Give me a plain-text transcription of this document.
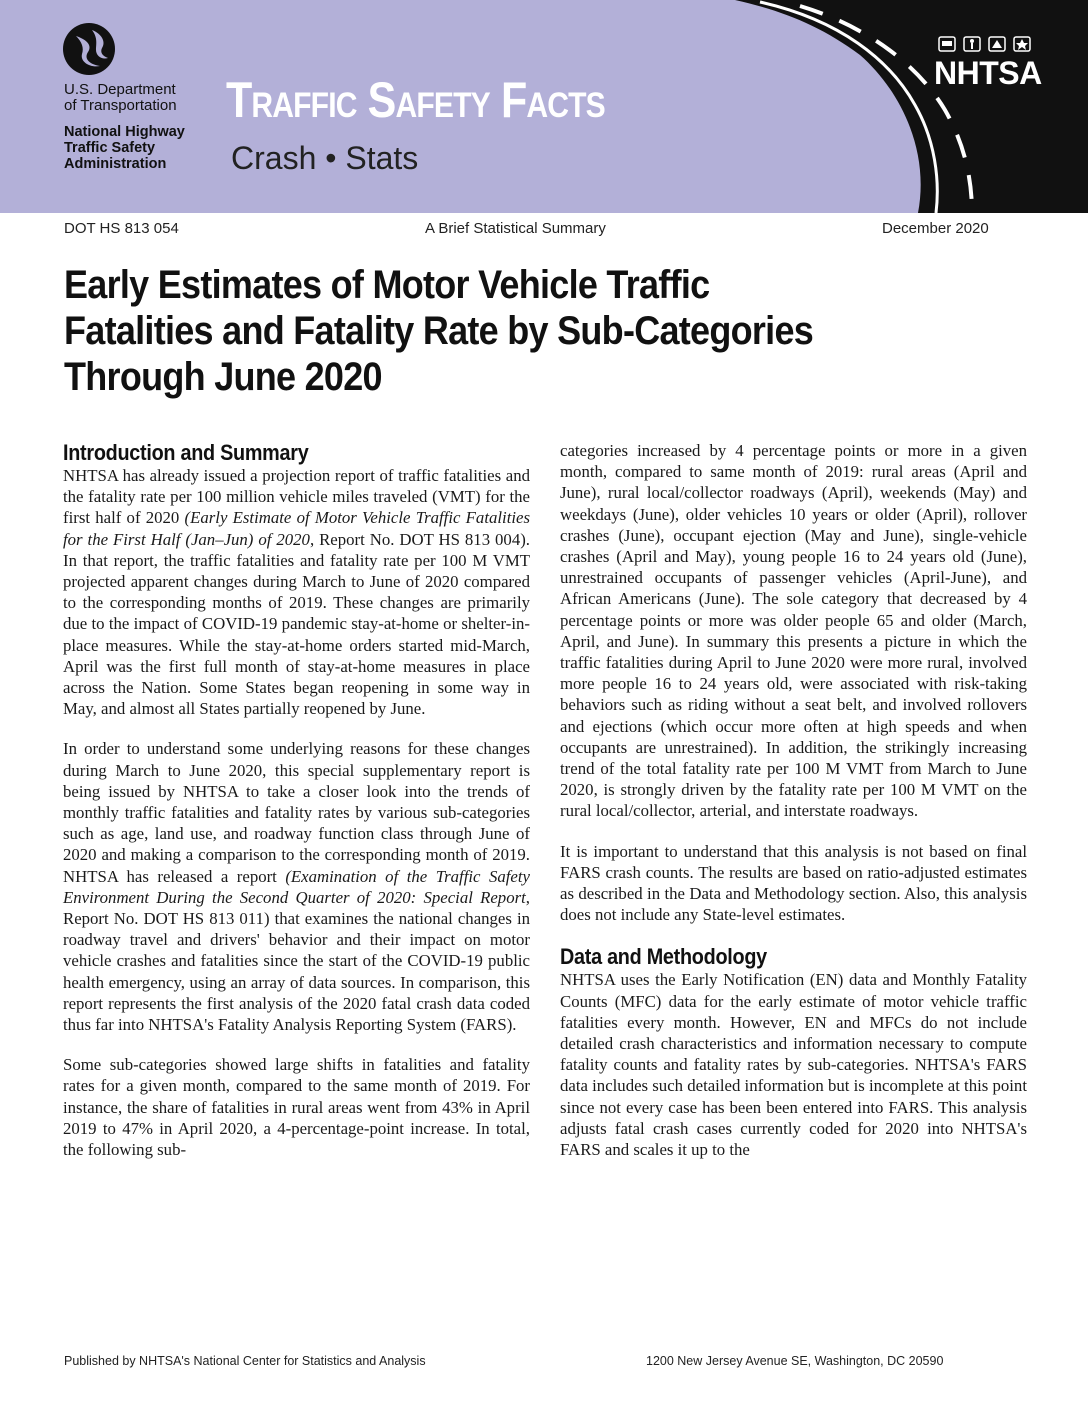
U.S. Department
of Transportation
National Highway
Traffic Safety
Administration
Traffic Safety Facts
Crash • Stats
NHTSA
DOT HS 813 054	A Brief Statistical Summary	December 2020
Early Estimates of Motor Vehicle Traffic
Fatalities and Fatality Rate by Sub-Categories
Through June 2020
Introduction and Summary

NHTSA has already issued a projection report of traffic fatalities and the fatality rate per 100 million vehicle miles traveled (VMT) for the first half of 2020 (Early Estimate of Motor Vehicle Traffic Fatalities for the First Half (Jan–Jun) of 2020, Report No. DOT HS 813 004). In that report, the traffic fatalities and fatality rate per 100 M VMT projected apparent changes during March to June of 2020 compared to the corresponding months of 2019. These changes are primarily due to the impact of COVID-19 pandemic stay-at-home or shelter-in-place measures. While the stay-at-home orders started mid-March, April was the first full month of stay-at-home measures in place across the Nation. Some States began reopening in some way in May, and almost all States partially reopened by June.

In order to understand some underlying reasons for these changes during March to June 2020, this special supplementary report is being issued by NHTSA to take a closer look into the trends of monthly traffic fatalities and fatality rates by various sub-categories such as age, land use, and roadway function class through June of 2020 and making a comparison to the corresponding month of 2019. NHTSA has released a report (Examination of the Traffic Safety Environment During the Second Quarter of 2020: Special Report, Report No. DOT HS 813 011) that examines the national changes in roadway travel and drivers' behavior and their impact on motor vehicle crashes and fatalities since the start of the COVID-19 public health emergency, using an array of data sources. In comparison, this report represents the first analysis of the 2020 fatal crash data coded thus far into NHTSA's Fatality Analysis Reporting System (FARS).

Some sub-categories showed large shifts in fatalities and fatality rates for a given month, compared to the same month of 2019. For instance, the share of fatalities in rural areas went from 43% in April 2019 to 47% in April 2020, a 4-percentage-point increase. In total, the following sub-

categories increased by 4 percentage points or more in a given month, compared to same month of 2019: rural areas (April and June), rural local/collector roadways (April), weekends (May) and weekdays (June), older vehicles 10 years or older (April), rollover crashes (June), occupant ejection (May and June), single-vehicle crashes (April and May), young people 16 to 24 years old (June), unrestrained occupants of passenger vehicles (April-June), and African Americans (June). The sole category that decreased by 4 percentage points or more was older people 65 and older (March, April, and June). In summary this presents a picture in which the traffic fatalities during April to June 2020 were more rural, involved more people 16 to 24 years old, were associated with risk-taking behaviors such as riding without a seat belt, and involved rollovers and ejections (which occur more often at high speeds and when occupants are unrestrained). In addition, the strikingly increasing trend of the total fatality rate per 100 M VMT from March to June 2020, is strongly driven by the fatality rate per 100 M VMT on the rural local/collector, arterial, and interstate roadways.

It is important to understand that this analysis is not based on final FARS crash counts. The results are based on ratio-adjusted estimates as described in the Data and Methodology section. Also, this analysis does not include any State-level estimates.

Data and Methodology

NHTSA uses the Early Notification (EN) data and Monthly Fatality Counts (MFC) data for the early estimate of motor vehicle traffic fatalities every month. However, EN and MFCs do not include detailed crash characteristics and information necessary to compute fatality counts and fatality rates by sub-categories. NHTSA's FARS data includes such detailed information but is incomplete at this point since not every case has been been entered into FARS. This analysis adjusts fatal crash cases currently coded for 2020 into NHTSA's FARS and scales it up to the

Published by NHTSA's National Center for Statistics and Analysis	1200 New Jersey Avenue SE, Washington, DC 20590
